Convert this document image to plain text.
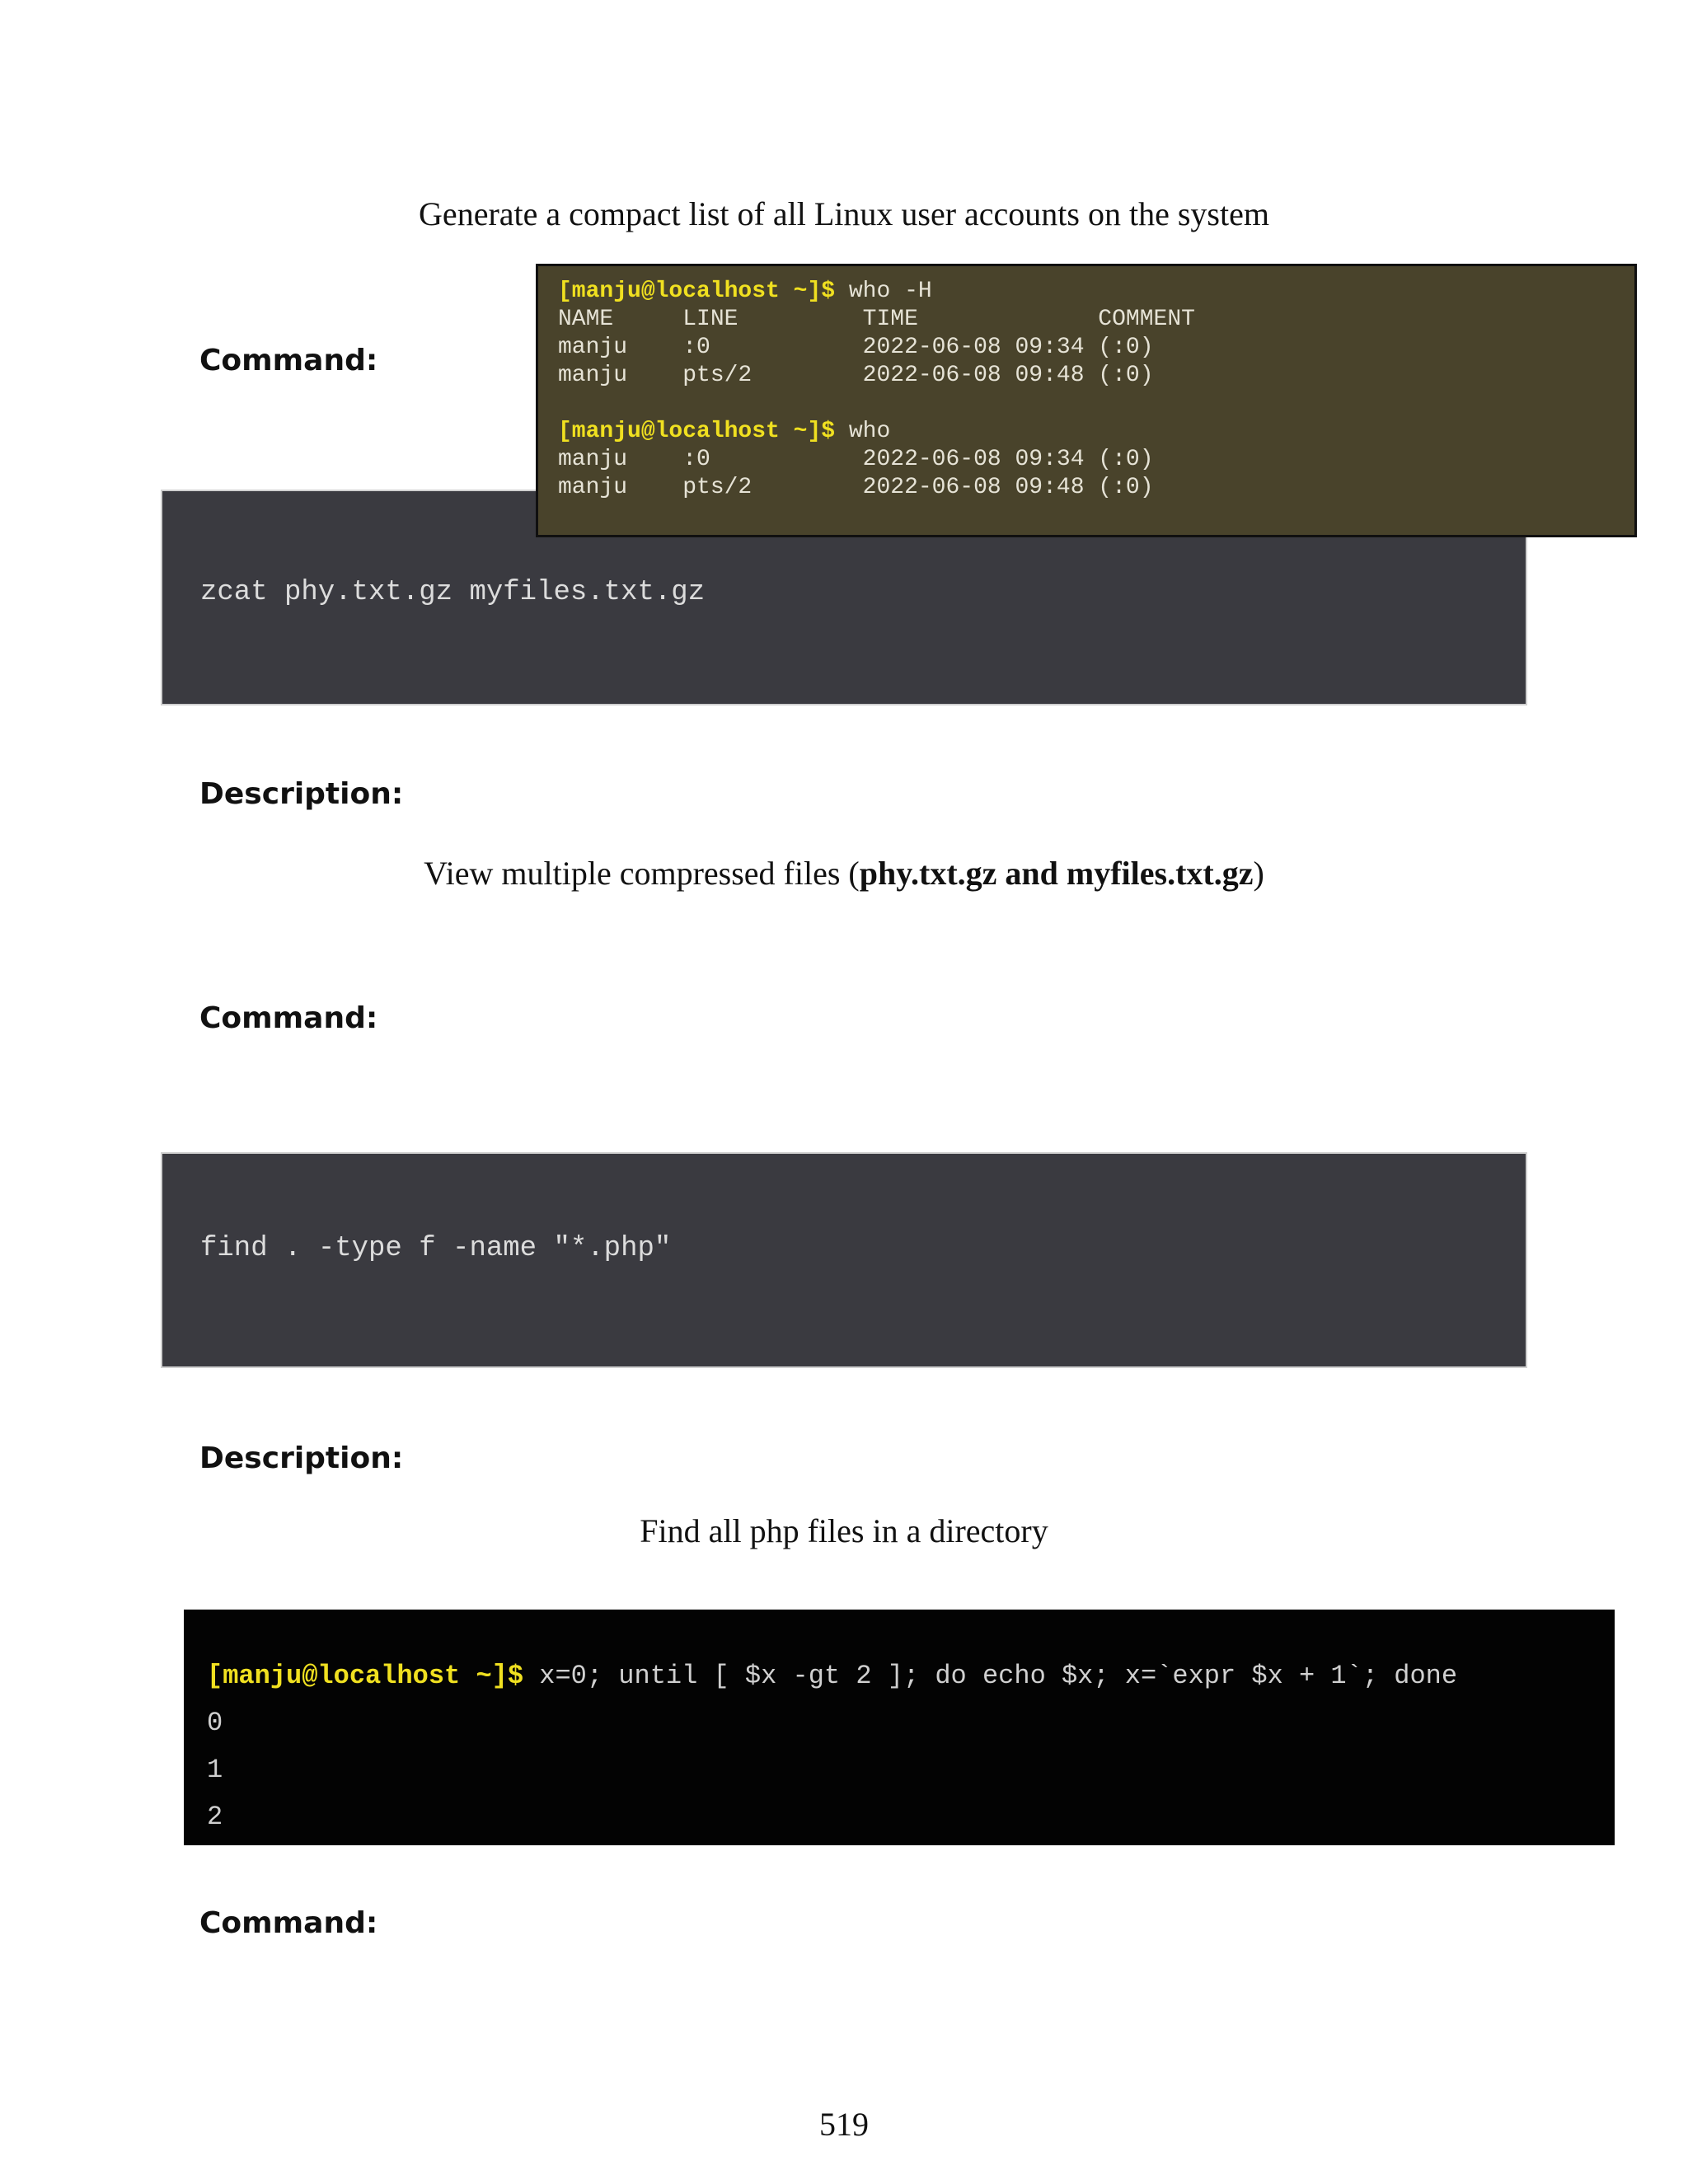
Generate a compact list of all Linux user accounts on the system
Command:
zcat phy.txt.gz myfiles.txt.gz
[manju@localhost ~]$ who -H
NAME     LINE         TIME             COMMENT
manju    :0           2022-06-08 09:34 (:0)
manju    pts/2        2022-06-08 09:48 (:0)
[manju@localhost ~]$ who
manju    :0           2022-06-08 09:34 (:0)
manju    pts/2        2022-06-08 09:48 (:0)
Description:
View multiple compressed files (phy.txt.gz and myfiles.txt.gz)
Command:
find . -type f -name "*.php"
Description:
Find all php files in a directory
[manju@localhost ~]$ x=0; until [ $x -gt 2 ]; do echo $x; x=`expr $x + 1`; done
0
1
2
Command:
519
